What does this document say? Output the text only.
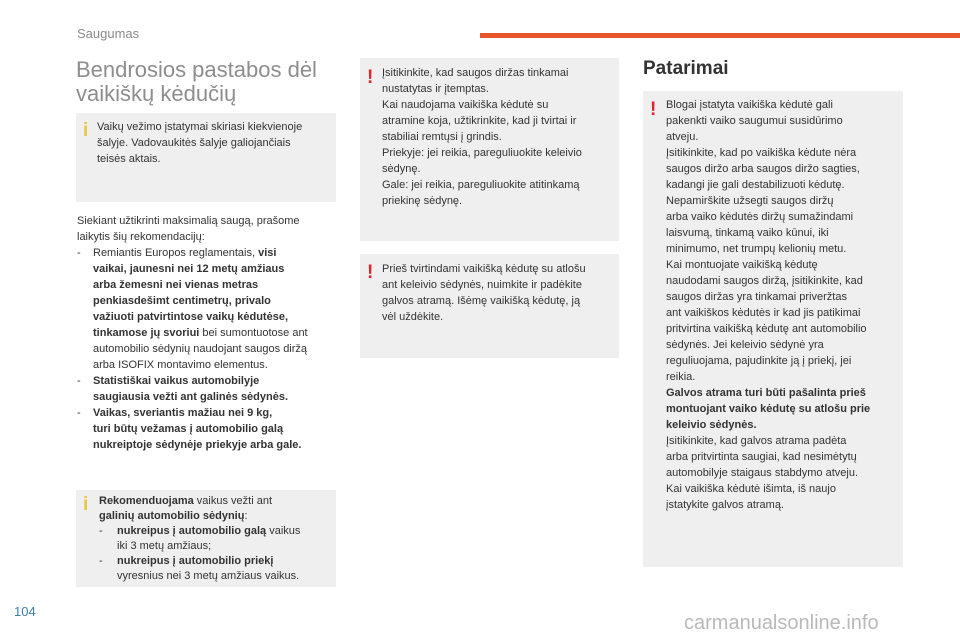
Saugumas
Bendrosios pastabos dėl
vaikiškų kėdučių
i Vaikų vežimo įstatymai skiriasi kiekvienoje
šalyje. Vadovaukitės šalyje galiojančiais
teisės aktais.
Siekiant užtikrinti maksimalią saugą, prašome
laikytis šių rekomendacijų:
- Remiantis Europos reglamentais, visi
vaikai, jaunesni nei 12 metų amžiaus
arba žemesni nei vienas metras
penkiasdešimt centimetrų, privalo
važiuoti patvirtintose vaikų kėdutėse,
tinkamose jų svoriui bei sumontuotose ant
automobilio sėdynių naudojant saugos diržą
arba ISOFIX montavimo elementus.
- Statistiškai vaikus automobilyje
saugiausia vežti ant galinės sėdynės.
- Vaikas, sveriantis mažiau nei 9 kg,
turi būtų vežamas į automobilio galą
nukreiptoje sėdynėje priekyje arba gale.
i Rekomenduojama vaikus vežti ant
galinių automobilio sėdynių:
- nukreipus į automobilio galą vaikus
iki 3 metų amžiaus;
- nukreipus į automobilio priekį
vyresnius nei 3 metų amžiaus vaikus.
! Įsitikinkite, kad saugos diržas tinkamai
nustatytas ir įtemptas.
Kai naudojama vaikiška kėdutė su
atramine koja, užtikrinkite, kad ji tvirtai ir
stabiliai remtųsi į grindis.
Priekyje: jei reikia, pareguliuokite keleivio
sėdynę.
Gale: jei reikia, pareguliuokite atitinkamą
priekinę sėdynę.
! Prieš tvirtindami vaikišką kėdutę su atlošu
ant keleivio sėdynės, nuimkite ir padėkite
galvos atramą. Išėmę vaikišką kėdutę, ją
vėl uždėkite.
Patarimai
! Blogai įstatyta vaikiška kėdutė gali
pakenkti vaiko saugumui susidūrimo
atveju.
Įsitikinkite, kad po vaikiška kėdute nėra
saugos diržo arba saugos diržo sagties,
kadangi jie gali destabilizuoti kėdutę.
Nepamirškite užsegti saugos diržų
arba vaiko kėdutės diržų sumažindami
laisvumą, tinkamą vaiko kūnui, iki
minimumo, net trumpų kelionių metu.
Kai montuojate vaikišką kėdutę
naudodami saugos diržą, įsitikinkite, kad
saugos diržas yra tinkamai priveržtas
ant vaikiškos kėdutės ir kad jis patikimai
pritvirtina vaikišką kėdutę ant automobilio
sėdynės. Jei keleivio sėdynė yra
reguliuojama, pajudinkite ją į priekį, jei
reikia.
Galvos atrama turi būti pašalinta prieš
montuojant vaiko kėdutę su atlošu prie
keleivio sėdynės.
Įsitikinkite, kad galvos atrama padėta
arba pritvirtinta saugiai, kad nesimėtytų
automobilyje staigaus stabdymo atveju.
Kai vaikiška kėdutė išimta, iš naujo
įstatykite galvos atramą.
104
carmanualsonline.info
